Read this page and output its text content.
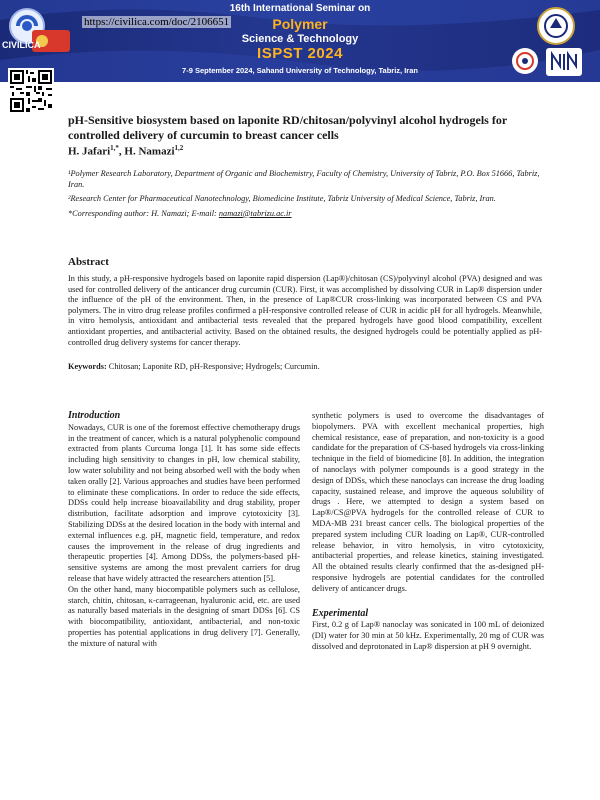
CIVILICA
16th International Seminar on
Polymer
Science & Technology
ISPST 2024
7-9 September 2024, Sahand University of Technology, Tabriz, Iran
https://civilica.com/doc/2106651
pH-Sensitive biosystem based on laponite RD/chitosan/polyvinyl alcohol hydrogels for controlled delivery of curcumin to breast cancer cells
H. Jafari$^{1,*}$, H. Namazi$^{1,2}$

¹Polymer Research Laboratory, Department of Organic and Biochemistry, Faculty of Chemistry, University of Tabriz, P.O. Box 51666, Tabriz, Iran.

²Research Center for Pharmaceutical Nanotechnology, Biomedicine Institute, Tabriz University of Medical Science, Tabriz, Iran.

*Corresponding author: H. Namazi; E-mail: namazi@tabrizu.ac.ir

Abstract
In this study, a pH-responsive hydrogels based on laponite rapid dispersion (Lap®)/chitosan (CS)/polyvinyl alcohol (PVA) designed and was used for controlled delivery of the anticancer drug curcumin (CUR). First, it was accomplished by dissolving CUR in Lap® dispersion under the influence of the pH of the environment. Then, in the presence of Lap®CUR cross-linking was incorporated between CS and PVA polymers. The in vitro drug release profiles confirmed a pH-responsive controlled release of CUR in acidic pH for all hydrogels. Meanwhile, in vitro hemolysis, antioxidant and antibacterial tests revealed that the prepared hydrogels have good blood compatibility, excellent antioxidant properties, and antibacterial activity. Based on the obtained results, the designed hydrogels could be potentially applied as pH-controlled drug delivery systems for cancer therapy.
Keywords: Chitosan; Laponite RD, pH-Responsive; Hydrogels; Curcumin.
Introduction

Nowadays, CUR is one of the foremost effective chemotherapy drugs in the treatment of cancer, which is a natural polyphenolic compound extracted from plants Curcuma longa [1]. It has some side effects including high sensitivity to changes in pH, low chemical stability, low water solubility and not being absorbed well with the body when taken orally [2]. Various approaches and studies have been performed to eliminate these complications. In order to reduce the side effects, DDSs could help increase bioavailability and drug stability, proper distribution, facilitate adsorption and improve cytotoxicity [3]. Stabilizing DDSs at the desired location in the body with internal and external influences e.g. pH, magnetic field, temperature, and redox causes the improvement in the release of drug ingredients and therapeutic properties [4]. Among DDSs, the polymers-based pH-sensitive systems are among the most prevalent carriers for drug release that have widely attracted the researchers attention [5].

On the other hand, many biocompatible polymers such as cellulose, starch, chitin, chitosan, κ-carrageenan, hyaluronic acid, etc. are used as naturally based materials in the designing of smart DDSs [6]. CS with biocompatibility, antioxidant, antibacterial, and non-toxic properties has potential applications in drug delivery [7]. Generally, the mixture of natural with

synthetic polymers is used to overcome the disadvantages of biopolymers. PVA with excellent mechanical properties, high chemical resistance, ease of preparation, and non-toxicity is a good candidate for the preparation of CS-based hydrogels via cross-linking technique in the field of biomedicine [8]. In addition, the integration of nanoclays with polymer compounds is a good strategy in the design of DDSs, which these nanoclays can increase the drug loading capacity, sustained release, and improve the aqueous solubility of drugs . Here, we attempted to design a system based on Lap®/CS@PVA hydrogels for the controlled release of CUR to MDA-MB 231 breast cancer cells. The biological properties of the prepared system including CUR loading on Lap®, CUR-controlled release behavior, in vitro hemolysis, in vitro cytotoxicity, antibacterial properties, and release kinetics, staining investigated. All the obtained results clearly confirmed that the as-designed pH-responsive hydrogels are potential candidates for the controlled delivery of anticancer drugs.

Experimental

First, 0.2 g of Lap® nanoclay was sonicated in 100 mL of deionized (DI) water for 30 min at 50 kHz. Experimentally, 20 mg of CUR was dissolved and deprotonated in Lap® dispersion at pH 9 overnight.
